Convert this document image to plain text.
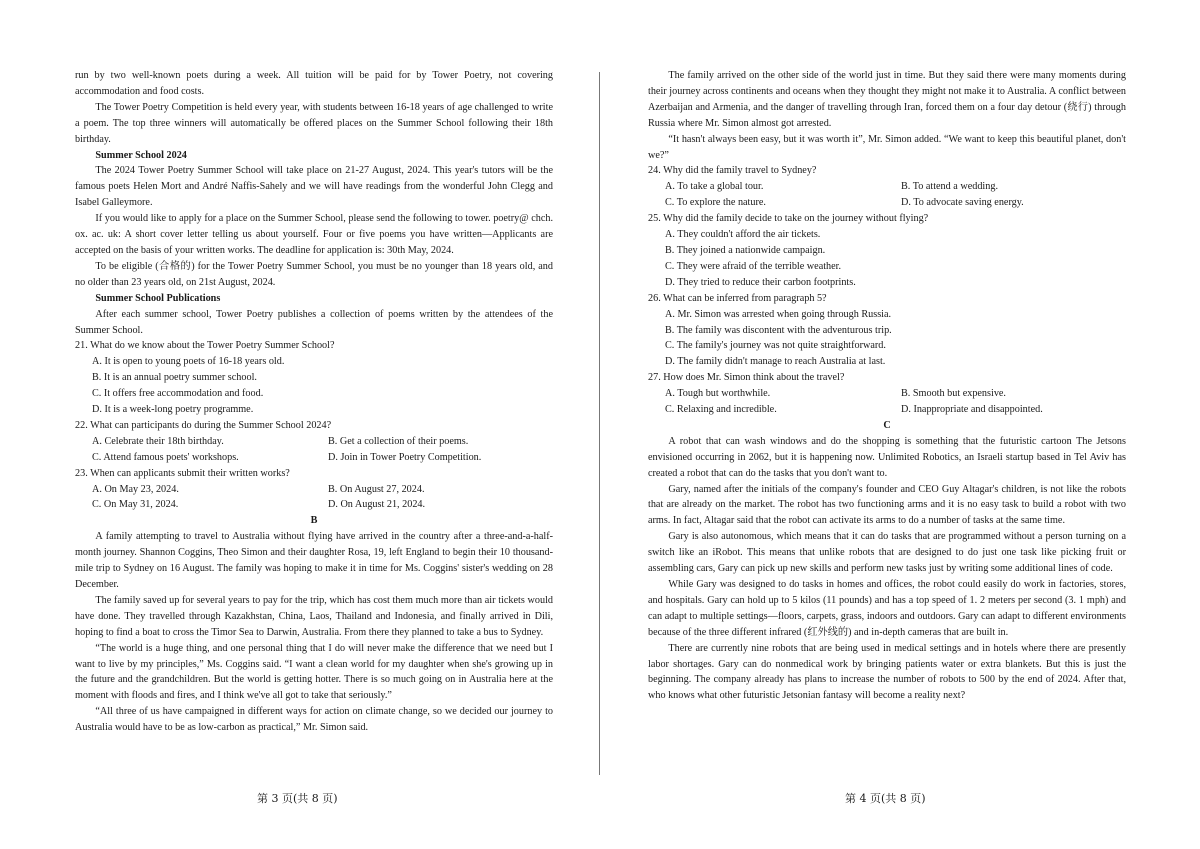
run by two well-known poets during a week. All tuition will be paid for by Tower Poetry, not covering accommodation and food costs.

The Tower Poetry Competition is held every year, with students between 16-18 years of age challenged to write a poem. The top three winners will automatically be offered places on the Summer School following their 18th birthday.

Summer School 2024

The 2024 Tower Poetry Summer School will take place on 21-27 August, 2024. This year's tutors will be the famous poets Helen Mort and André Naffis-Sahely and we will have readings from the wonderful John Clegg and Isabel Galleymore.

If you would like to apply for a place on the Summer School, please send the following to tower. poetry@ chch. ox. ac. uk: A short cover letter telling us about yourself. Four or five poems you have written—Applicants are accepted on the basis of your written works. The deadline for application is: 30th May, 2024.

To be eligible (合格的) for the Tower Poetry Summer School, you must be no younger than 18 years old, and no older than 23 years old, on 21st August, 2024.

Summer School Publications

After each summer school, Tower Poetry publishes a collection of poems written by the attendees of the Summer School.

21. What do we know about the Tower Poetry Summer School?

A. It is open to young poets of 16-18 years old.
B. It is an annual poetry summer school.
C. It offers free accommodation and food.
D. It is a week-long poetry programme.

22. What can participants do during the Summer School 2024?

A. Celebrate their 18th birthday.	B. Get a collection of their poems.
C. Attend famous poets' workshops.	D. Join in Tower Poetry Competition.

23. When can applicants submit their written works?

A. On May 23, 2024.	B. On August 27, 2024.
C. On May 31, 2024.	D. On August 21, 2024.

B

A family attempting to travel to Australia without flying have arrived in the country after a three-and-a-half-month journey. Shannon Coggins, Theo Simon and their daughter Rosa, 19, left England to begin their 10 thousand-mile trip to Sydney on 16 August. The family was hoping to make it in time for Ms. Coggins' sister's wedding on 28 December.

The family saved up for several years to pay for the trip, which has cost them much more than air tickets would have done. They travelled through Kazakhstan, China, Laos, Thailand and Indonesia, and finally arrived in Dili, hoping to find a boat to cross the Timor Sea to Darwin, Australia. From there they planned to take a bus to Sydney.

“The world is a huge thing, and one personal thing that I do will never make the difference that we need but I want to live by my principles,” Ms. Coggins said. “I want a clean world for my daughter when she's growing up in the future and the grandchildren. But the world is getting hotter. There is so much going on in Australia here at the moment with floods and fires, and I think we've all got to take that seriously.”

“All three of us have campaigned in different ways for action on climate change, so we decided our journey to Australia would have to be as low-carbon as practical,” Mr. Simon said.

The family arrived on the other side of the world just in time. But they said there were many moments during their journey across continents and oceans when they thought they might not make it to Australia. A conflict between Azerbaijan and Armenia, and the danger of travelling through Iran, forced them on a four day detour (绕行) through Russia where Mr. Simon almost got arrested.

“It hasn't always been easy, but it was worth it”, Mr. Simon added. “We want to keep this beautiful planet, don't we?”

24. Why did the family travel to Sydney?

A. To take a global tour.	B. To attend a wedding.
C. To explore the nature.	D. To advocate saving energy.

25. Why did the family decide to take on the journey without flying?

A. They couldn't afford the air tickets.
B. They joined a nationwide campaign.
C. They were afraid of the terrible weather.
D. They tried to reduce their carbon footprints.

26. What can be inferred from paragraph 5?

A. Mr. Simon was arrested when going through Russia.
B. The family was discontent with the adventurous trip.
C. The family's journey was not quite straightforward.
D. The family didn't manage to reach Australia at last.

27. How does Mr. Simon think about the travel?

A. Tough but worthwhile.	B. Smooth but expensive.
C. Relaxing and incredible.	D. Inappropriate and disappointed.

C

A robot that can wash windows and do the shopping is something that the futuristic cartoon The Jetsons envisioned occurring in 2062, but it is happening now. Unlimited Robotics, an Israeli startup based in Tel Aviv has created a robot that can do the tasks that you don't want to.

Gary, named after the initials of the company's founder and CEO Guy Altagar's children, is not like the robots that are already on the market. The robot has two functioning arms and it is no easy task to build a robot with two arms. In fact, Altagar said that the robot can activate its arms to do a number of tasks at the same time.

Gary is also autonomous, which means that it can do tasks that are programmed without a person turning on a switch like an iRobot. This means that unlike robots that are designed to do just one task like picking fruit or assembling cars, Gary can pick up new skills and perform new tasks just by writing some additional lines of code.

While Gary was designed to do tasks in homes and offices, the robot could easily do work in factories, stores, and hospitals. Gary can hold up to 5 kilos (11 pounds) and has a top speed of 1. 2 meters per second (3. 1 mph) and can adapt to multiple settings—floors, carpets, grass, indoors and outdoors. Gary can adapt to different environments because of the three different infrared (红外线的) and in-depth cameras that are built in.

There are currently nine robots that are being used in medical settings and in hotels where there are presently labor shortages. Gary can do nonmedical work by bringing patients water or extra blankets. But this is just the beginning. The company already has plans to increase the number of robots to 500 by the end of 2024. After that, who knows what other futuristic Jetsonian fantasy will become a reality next?

第 3 页(共 8 页)	第 4 页(共 8 页)
